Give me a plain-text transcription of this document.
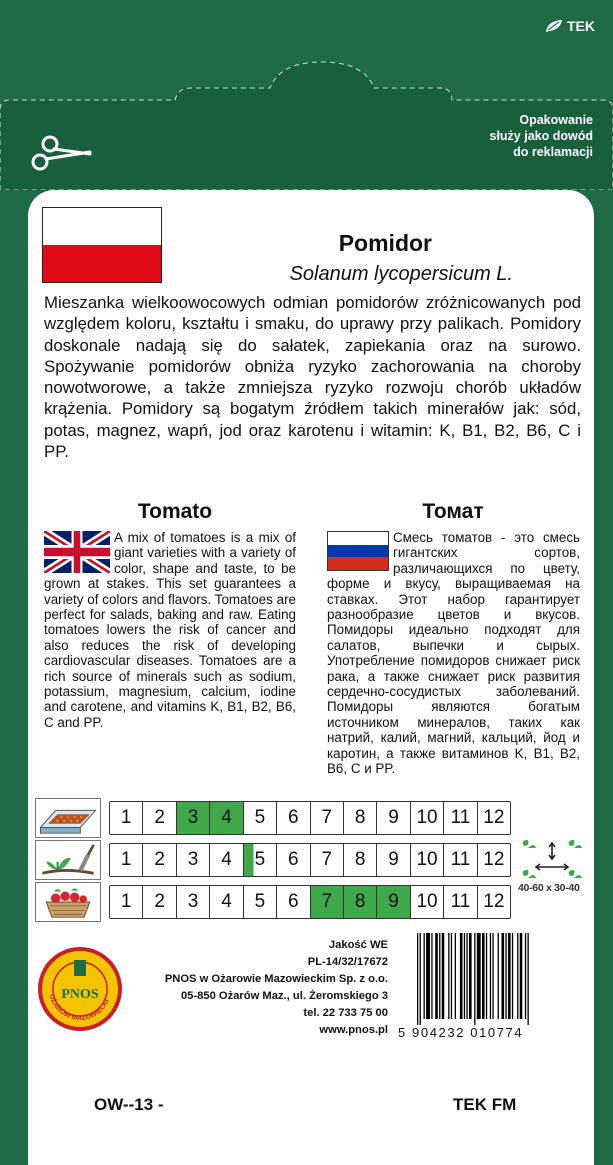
TEK
Opakowanie
służy jako dowód
do reklamacji
Pomidor
Solanum lycopersicum L.
Mieszanka wielkoowocowych odmian pomidorów zróżnicowanych pod względem koloru, kształtu i smaku, do uprawy przy palikach. Pomidory doskonale nadają się do sałatek, zapiekania oraz na surowo. Spożywanie pomidorów obniża ryzyko zachorowania na choroby nowotworowe, a także zmniejsza ryzyko rozwoju chorób układów krążenia. Pomidory są bogatym źródłem takich minerałów jak: sód, potas, magnez, wapń, jod oraz karotenu i witamin: K, B1, B2, B6, C i PP.
Tomato	Томат
A mix of tomatoes is a mix of giant varieties with a variety of color, shape and taste, to be grown at stakes. This set guarantees a variety of colors and flavors. Tomatoes are perfect for salads, baking and raw. Eating tomatoes lowers the risk of cancer and also reduces the risk of developing cardiovascular diseases. Tomatoes are a rich source of minerals such as sodium, potassium, magnesium, calcium, iodine and carotene, and vitamins K, B1, B2, B6, C and PP.
Смесь томатов - это смесь гигантских сортов, различающихся по цвету, форме и вкусу, выращиваемая на ставках. Этот набор гарантирует разнообразие цветов и вкусов. Помидоры идеально подходят для салатов, выпечки и сырых. Употребление помидоров снижает риск рака, а также снижает риск развития сердечно-сосудистых заболеваний. Помидоры являются богатым источником минералов, таких как натрий, калий, магний, кальций, йод и каротин, а также витаминов K, B1, B2, B6, C и PP.
1	2	3	4	5	6	7	8	9 10 11 12
1	2	3	4	5	6	7	8	9 10 11 12
1	2	3	4	5	6	7	8	9 10 11 12
40-60 x 30-40
OŻARÓW MAZOWIECKI
PNOS
Jakość WE
PL-14/32/17672
PNOS w Ożarowie Mazowieckim Sp. z o.o.
05-850 Ożarów Maz., ul. Żeromskiego 3
tel. 22 733 75 00
www.pnos.pl 5 904232 010774
OW--13 -	TEK FM
